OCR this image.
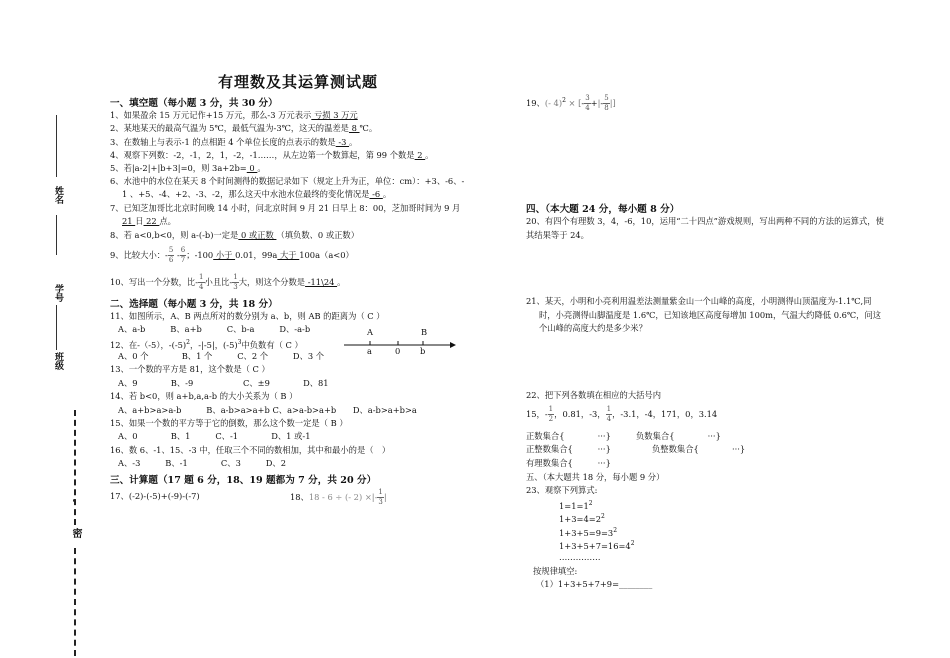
姓名
学号
班级
密
有理数及其运算测试题
一、填空题（每小题 3 分，共 30 分）
1、如果盈余 15 万元记作+15 万元，那么-3 万元表示 亏损 3 万元
2、某地某天的最高气温为 5℃，最低气温为-3℃，这天的温差是 8 ℃。
3、在数轴上与表示-1 的点相距 4 个单位长度的点表示的数是 -3 。
4、观察下列数：-2，-1，2，1，-2，-1……，从左边第一个数算起，第 99 个数是 2 。
5、若|a-2|+|b+3|=0，则 3a+2b= 0 。
6、水池中的水位在某天 8 个时间测得的数据记录如下（规定上升为正，单位：cm）：+3、-6、-
1 、+5、-4、+2、-3、-2，那么这天中水池水位最终的变化情况是 -6 。
7、已知芝加哥比北京时间晚 14 小时，问北京时间 9 月 21 日早上 8：00，芝加哥时间为 9 月
21 日 22 点。
8、若 a<0,b<0，则 a-(-b)一定是 0 或正数 （填负数、0 或正数）
9、比较大小：- $\frac{5}{6} - \frac{6}{7}$ ；-100 小于 0.01，99a 大于 100a（a<0）
10、写出一个分数，比- $\frac{1}{4}$ 小且比- $\frac{1}{3}$ 大，则这个分数是 -11\24 。
二、选择题（每小题 3 分，共 18 分）
11、如图所示，A、B 两点所对的数分别为 a、b，则 AB 的距离为（ C ）
A、a-b　　　B、a+b　　　C、b-a　　　D、-a-b	A	B
a	0 b
12、在-（-5），$-(-5)^2$，-|-5|，$(-5)^3$中负数有（ C ）
A、0 个　　　　B、1 个　　　C、2 个　　　D、3 个
13、一个数的平方是 81，这个数是（ C ）
A、9　　　　B、-9　　　　　　C、±9　　　　D、81
14、若 b<0，则 a+b,a,a-b 的大小关系为（ B ）
A、a+b>a>a-b　　　B、a-b>a>a+b C、a>a-b>a+b　　D、a-b>a+b>a
15、如果一个数的平方等于它的倒数，那么这个数一定是（ B ）
A、0　　　　B、1　　　C、-1　　　　D、1 或-1
16、数 6、-1、15、-3 中，任取三个不同的数相加，其中和最小的是（　）
A、-3　　　B、-1　　　　C、3　　　D、2
三、计算题（17 题 6 分，18、19 题都为 7 分，共 20 分）
17、(-2)-(-5)+(-9)-(-7)	18、18 - 6 ÷ (- 2) ×|- $\frac{1}{3}$ |
19、(- 4)$^2$ × [- $\frac{3}{4}$ +|- $\frac{5}{8}$ |]
四、（本大题 24 分，每小题 8 分）
20、有四个有理数 3，4，-6，10，运用“二十四点”游戏规则，写出两种不同的方法的运算式，使
其结果等于 24。
21、某天，小明和小亮利用温差法测量紫金山一个山峰的高度，小明测得山顶温度为-1.1℃,同
时，小亮测得山脚温度是 1.6℃，已知该地区高度每增加 100m，气温大约降低 0.6℃，问这
个山峰的高度大约是多少米？
22、把下列各数填在相应的大括号内
15，- $\frac{1}{2}$ ，0.81，-3， $\frac{1}{4}$ ，-3.1，-4，171，0，3.14
正数集合{　　　　···}	负数集合{　　　　···}
正整数集合{　　　···}	负整数集合{　　　　···}
有理数集合{　　　···}
五、（本大题共 18 分，每小题 9 分）
23、观察下列算式:
$1=1=1^2$
$1+3=4=2^2$
$1+3+5=9=3^2$
$1+3+5+7=16=4^2$
……………
按规律填空:
（1）1+3+5+7+9=________
